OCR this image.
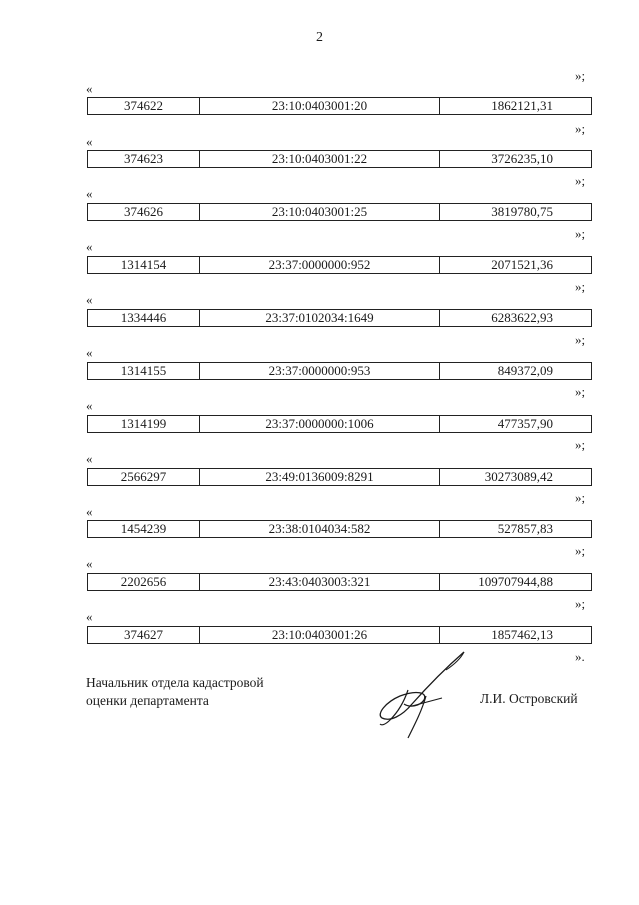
2
»;
«
374622	23:10:0403001:20	1862121,31
»;
«
374623	23:10:0403001:22	3726235,10
»;
«
374626	23:10:0403001:25	3819780,75
»;
«
1314154	23:37:0000000:952	2071521,36
»;
«
1334446	23:37:0102034:1649	6283622,93
»;
«
1314155	23:37:0000000:953	849372,09
»;
«
1314199	23:37:0000000:1006	477357,90
»;
«
2566297	23:49:0136009:8291	30273089,42
»;
«
1454239	23:38:0104034:582	527857,83
»;
«
2202656	23:43:0403003:321	109707944,88
»;
«
374627	23:10:0403001:26	1857462,13
».
Начальник отдела кадастровой
оценки департамента	Л.И. Островский
